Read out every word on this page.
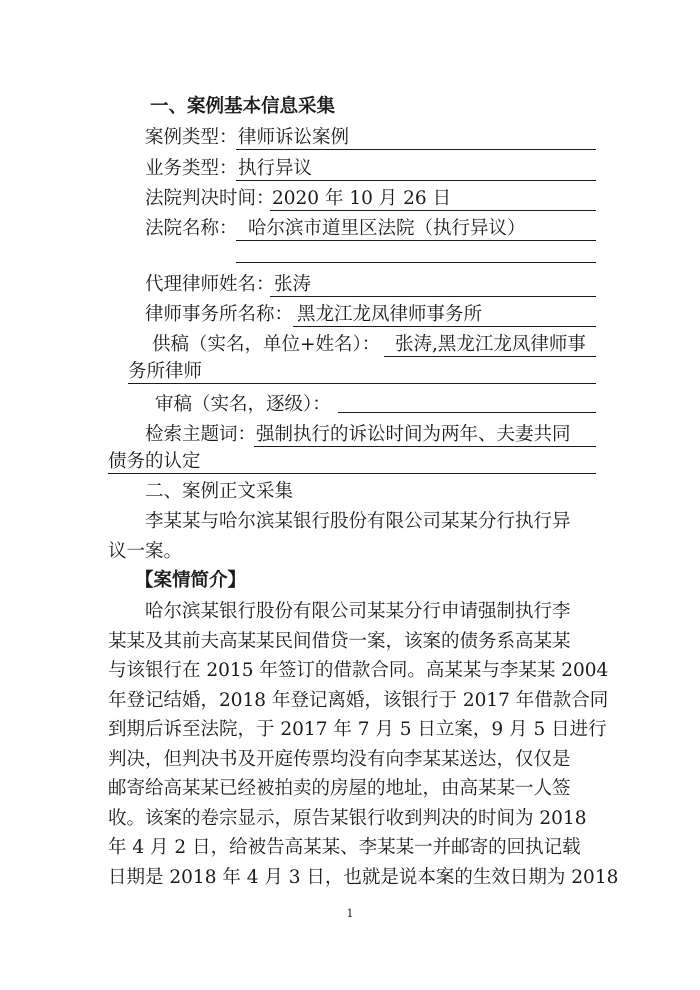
一、案例基本信息采集
案例类型： 律师诉讼案例
业务类型： 执行异议
法院判决时间：
2020 年 10 月 26 日
法院名称： 哈尔滨市道里区法院（执行异议）
代理律师姓名： 张涛
律师事务所名称： 黑龙江龙凤律师事务所
供稿（实名，单位+姓名）： 张涛,黑龙江龙凤律师事
务所律师
审稿（实名，逐级）：
检索主题词： 强制执行的诉讼时间为两年、夫妻共同
债务的认定
二、案例正文采集
李某某与哈尔滨某银行股份有限公司某某分行执行异
议一案。
【案情简介】
哈尔滨某银行股份有限公司某某分行申请强制执行李
某某及其前夫高某某民间借贷一案，该案的债务系高某某
与该银行在 2015 年签订的借款合同。高某某与李某某 2004
年登记结婚，2018 年登记离婚，该银行于 2017 年借款合同
到期后诉至法院，于 2017 年 7 月 5 日立案，9 月 5 日进行
判决，但判决书及开庭传票均没有向李某某送达，仅仅是
邮寄给高某某已经被拍卖的房屋的地址，由高某某一人签
收。该案的卷宗显示，原告某银行收到判决的时间为 2018
年 4 月 2 日，给被告高某某、李某某一并邮寄的回执记载
日期是 2018 年 4 月 3 日，也就是说本案的生效日期为 2018
1
